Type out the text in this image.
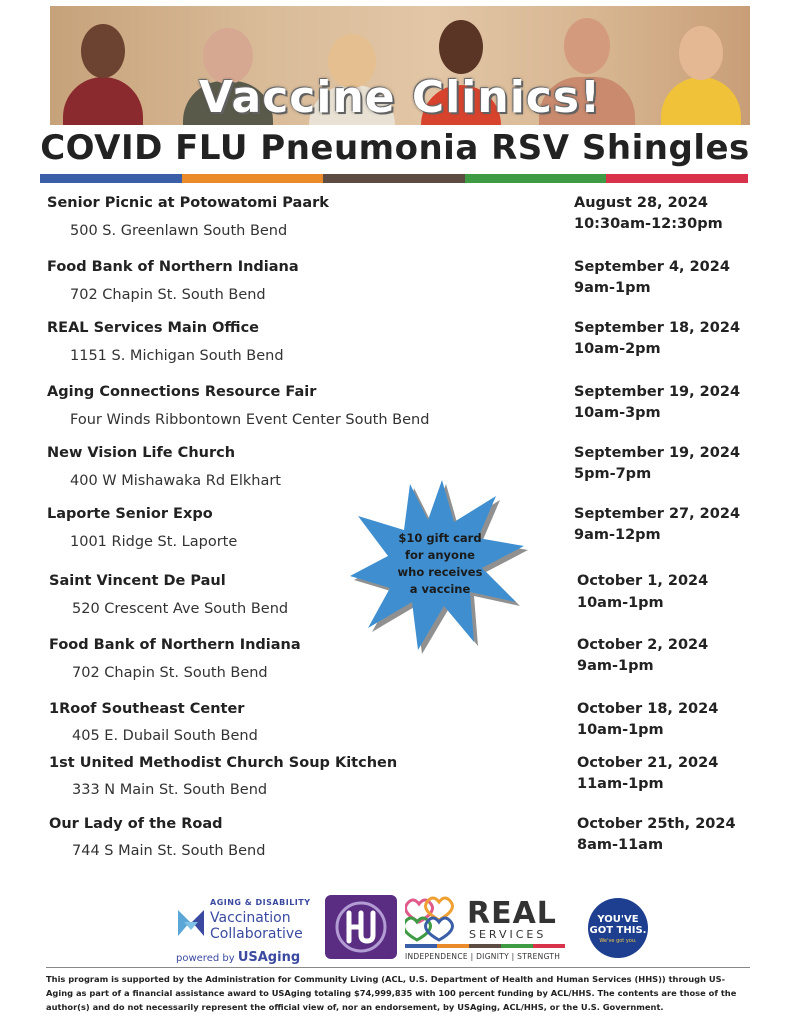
Vaccine Clinics!
COVID FLU Pneumonia RSV Shingles
Senior Picnic at Potowatomi Paark
500 S. Greenlawn South Bend
August 28, 2024
10:30am-12:30pm
Food Bank of Northern Indiana
702 Chapin St. South Bend
September 4, 2024
9am-1pm
REAL Services Main Office
1151 S. Michigan South Bend
September 18, 2024
10am-2pm
Aging Connections Resource Fair
Four Winds Ribbontown Event Center South Bend
September 19, 2024
10am-3pm
New Vision Life Church
400 W Mishawaka Rd Elkhart
September 19, 2024
5pm-7pm
Laporte Senior Expo
1001 Ridge St. Laporte
September 27, 2024
9am-12pm
Saint Vincent De Paul
520 Crescent Ave South Bend
October 1, 2024
10am-1pm
Food Bank of Northern Indiana
702 Chapin St. South Bend
October 2, 2024
9am-1pm
1Roof Southeast Center
405 E. Dubail South Bend
October 18, 2024
10am-1pm
1st United Methodist Church Soup Kitchen
333 N Main St. South Bend
October 21, 2024
11am-1pm
Our Lady of the Road
744 S Main St. South Bend
October 25th, 2024
8am-11am
$10 gift card
for anyone
who receives
a vaccine
AGING & DISABILITY
Vaccination
Collaborative
powered by USAging
REAL
SERVICES
INDEPENDENCE | DIGNITY | STRENGTH
YOU'VE GOT THIS.
We've got you.
This program is supported by the Administration for Community Living (ACL, U.S. Department of Health and Human Services (HHS)) through US- Aging as part of a financial assistance award to USAging totaling $74,999,835 with 100 percent funding by ACL/HHS. The contents are those of the author(s) and do not necessarily represent the official view of, nor an endorsement, by USAging, ACL/HHS, or the U.S. Government.
